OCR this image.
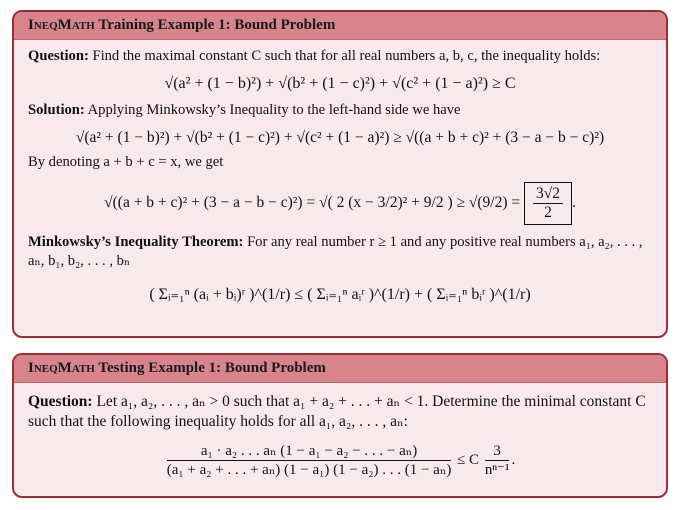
IneqMath Training Example 1: Bound Problem

Question: Find the maximal constant C such that for all real numbers a, b, c, the inequality holds:

√(a² + (1 − b)²) + √(b² + (1 − c)²) + √(c² + (1 − a)²) ≥ C

Solution: Applying Minkowsky’s Inequality to the left-hand side we have

√(a² + (1 − b)²) + √(b² + (1 − c)²) + √(c² + (1 − a)²) ≥ √((a + b + c)² + (3 − a − b − c)²)

By denoting a + b + c = x, we get

√((a + b + c)² + (3 − a − b − c)²) = √( 2 (x − 3/2)² + 9/2 ) ≥ $√(9/2) = \frac{3√2}{2}$ .

Minkowsky’s Inequality Theorem: For any real number r ≥ 1 and any positive real numbers a₁, a₂, . . . , aₙ, b₁, b₂, . . . , bₙ

( Σᵢ₌₁ⁿ (aᵢ + bᵢ)ʳ )^(1/r) ≤ ( Σᵢ₌₁ⁿ aᵢʳ )^(1/r) + ( Σᵢ₌₁ⁿ bᵢʳ )^(1/r)

IneqMath Testing Example 1: Bound Problem

Question: Let a₁, a₂, . . . , aₙ > 0 such that a₁ + a₂ + . . . + aₙ < 1. Determine the minimal constant C such that the following inequality holds for all a₁, a₂, . . . , aₙ:

$\frac{\text{a₁ · a₂ . . . aₙ (1 − a₁ − a₂ − . . . − aₙ)}}{\text{(a₁ + a₂ + . . . + aₙ) (1 − a₁) (1 − a₂) . . . (1 − aₙ)}} \le C \frac{3}{\text{nⁿ⁻¹}}$ .
